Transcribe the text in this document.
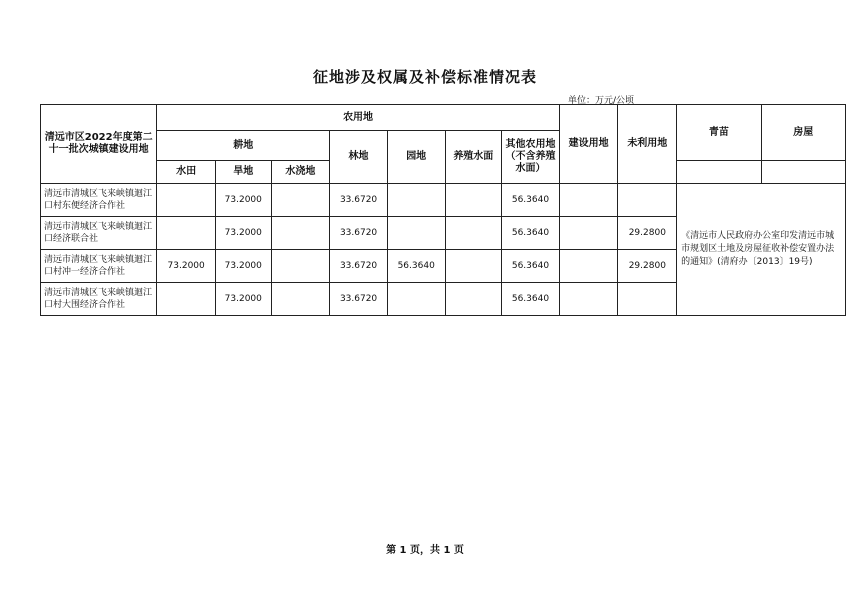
征地涉及权属及补偿标准情况表
单位：万元/公顷
清远市区2022年度第二十一批次城镇建设用地	农用地							建设用地	未利用地	青苗	房屋
	耕地			林地	园地	养殖水面	其他农用地（不含养殖水面）				
	水田	旱地	水浇地								
清远市清城区飞来峡镇迴江口村东便经济合作社		73.2000		33.6720			56.3640			《清远市人民政府办公室印发清远市城市规划区土地及房屋征收补偿安置办法的通知》(清府办〔2013〕19号)	
清远市清城区飞来峡镇迴江口经济联合社		73.2000		33.6720			56.3640		29.2800		
清远市清城区飞来峡镇迴江口村冲一经济合作社	73.2000	73.2000		33.6720	56.3640		56.3640		29.2800		
清远市清城区飞来峡镇迴江口村大围经济合作社		73.2000		33.6720			56.3640				
第 1 页，共 1 页
